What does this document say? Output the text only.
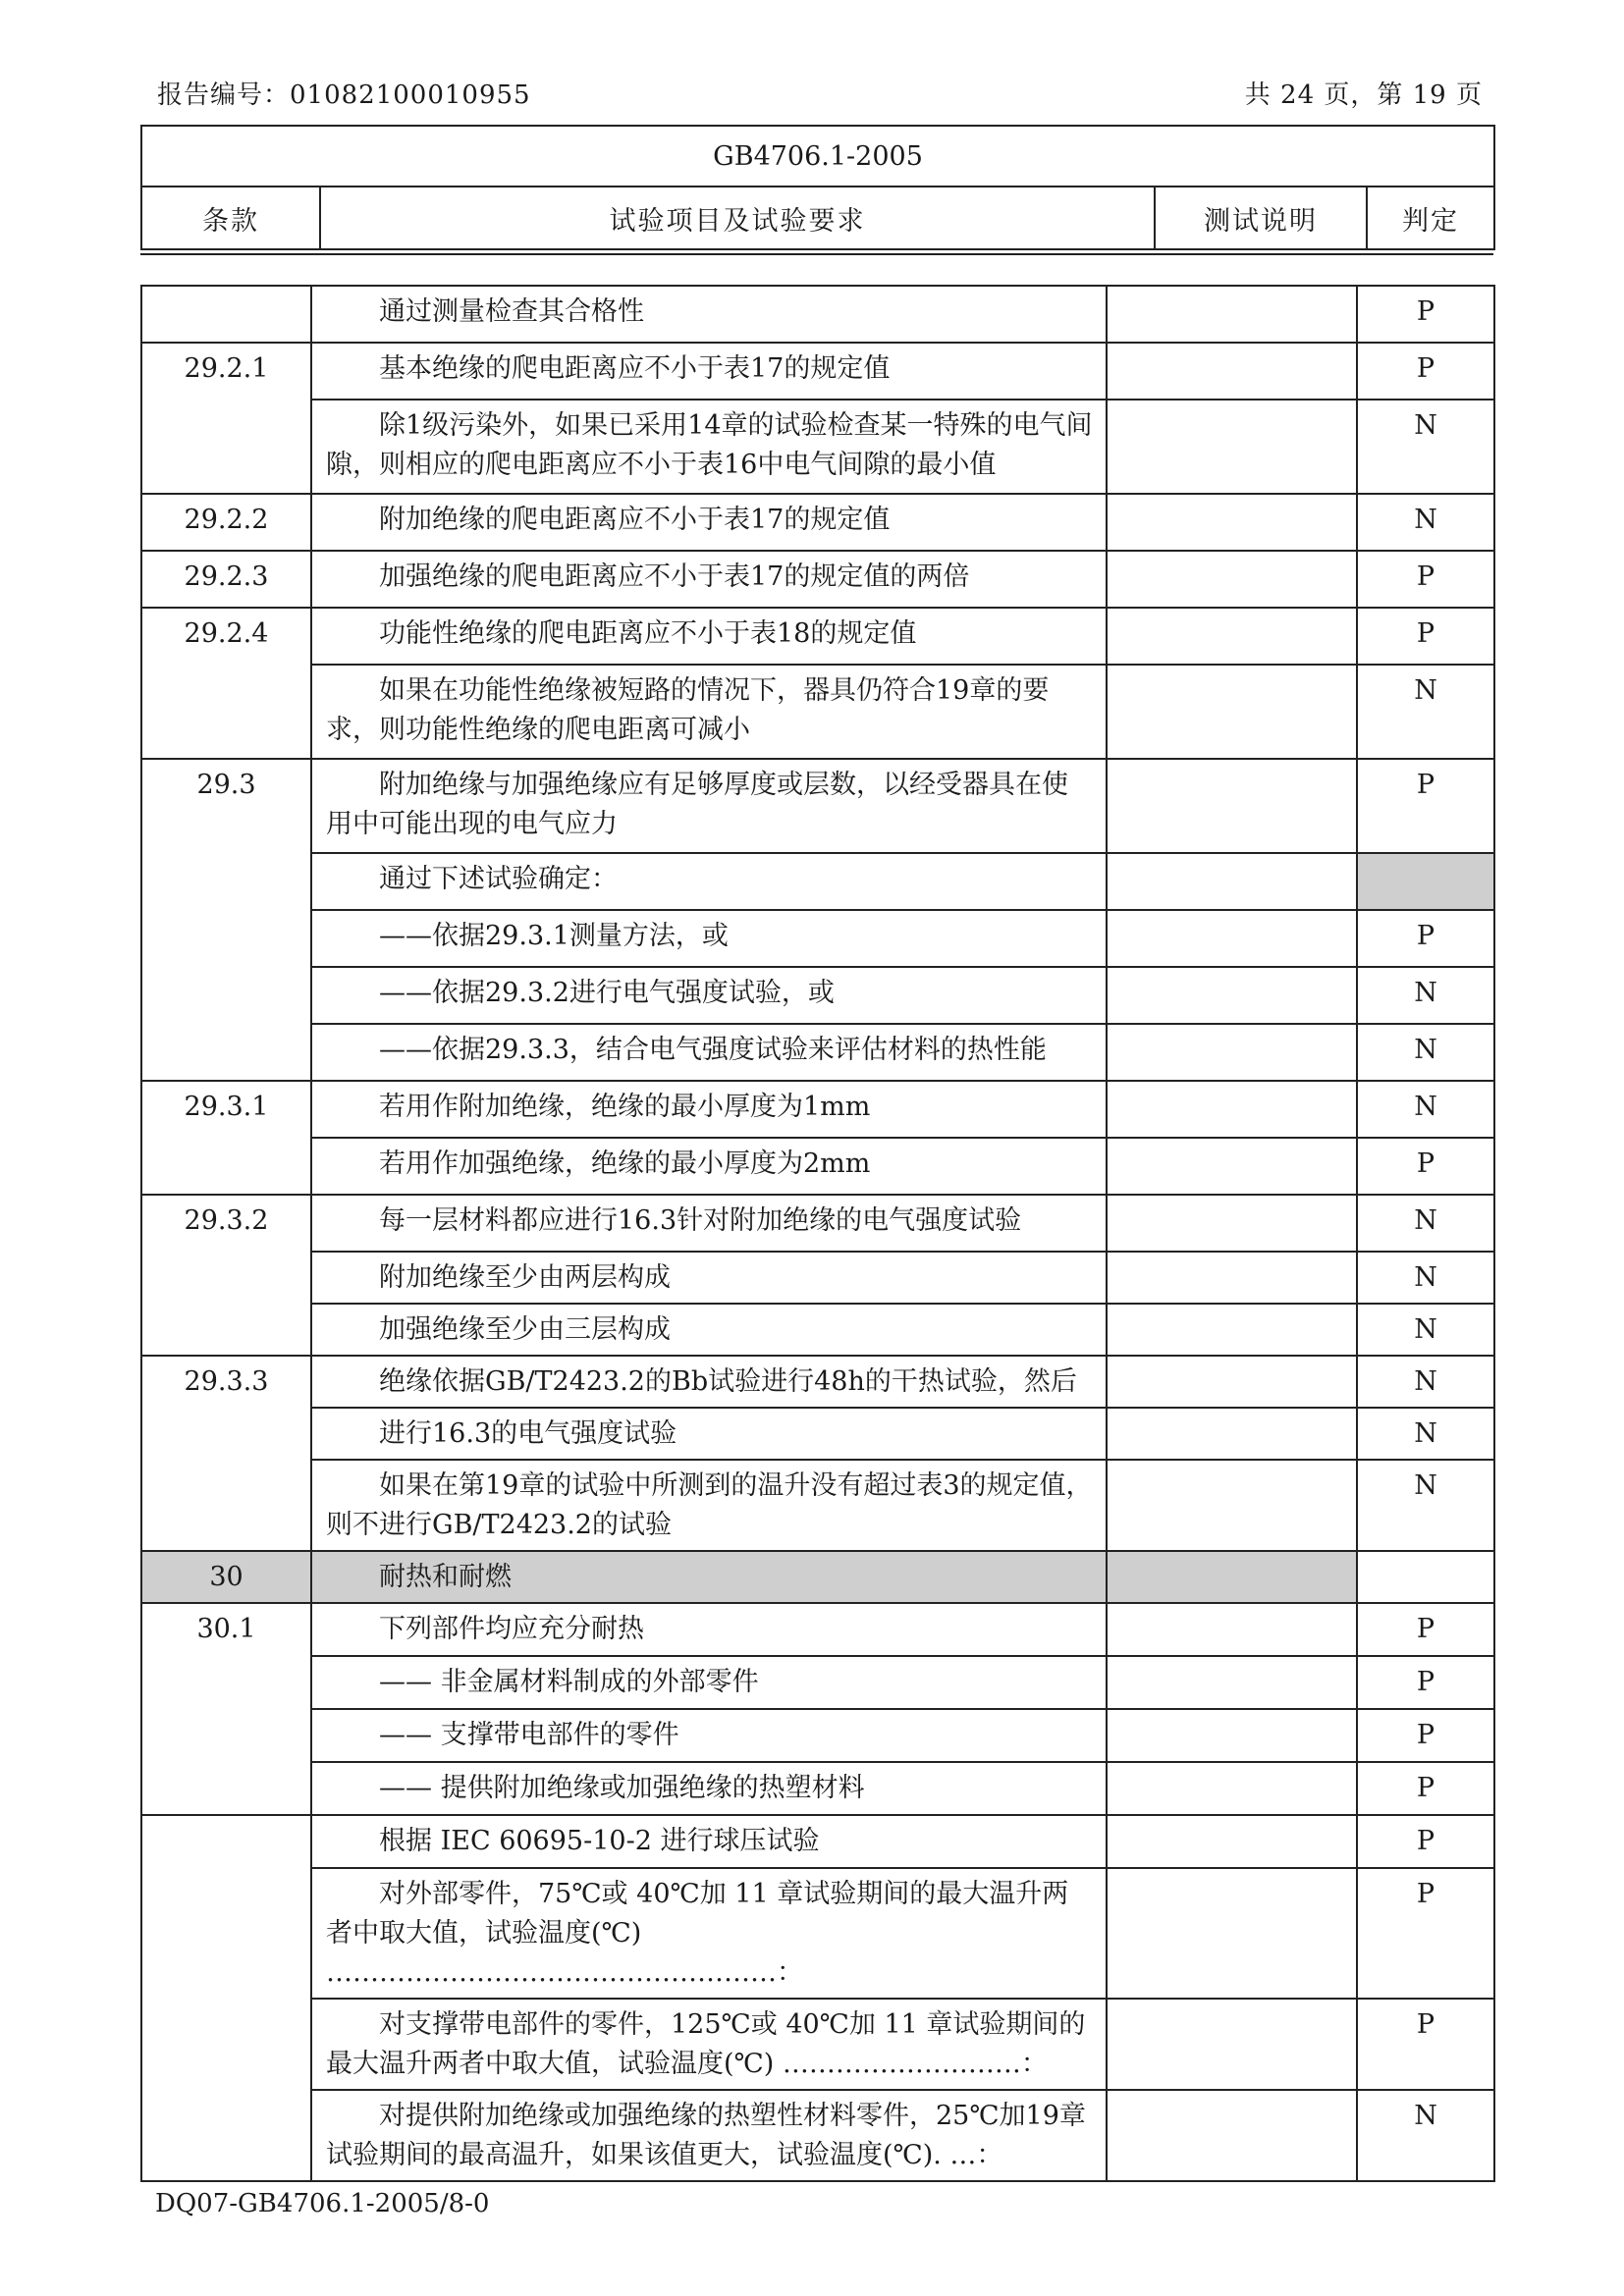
报告编号：01082100010955	共 24 页，第 19 页
GB4706.1-2005
条款	试验项目及试验要求	测试说明	判定

	通过测量检查其合格性		P
29.2.1	基本绝缘的爬电距离应不小于表17的规定值		P

	除1级污染外，如果已采用14章的试验检查某一特殊的电气间隙，则相应的爬电距离应不小于表16中电气间隙的最小值		N
29.2.2	附加绝缘的爬电距离应不小于表17的规定值		N
29.2.3	加强绝缘的爬电距离应不小于表17的规定值的两倍		P
29.2.4	功能性绝缘的爬电距离应不小于表18的规定值		P

	如果在功能性绝缘被短路的情况下，器具仍符合19章的要求，则功能性绝缘的爬电距离可减小		N
29.3	附加绝缘与加强绝缘应有足够厚度或层数，以经受器具在使用中可能出现的电气应力		P

	通过下述试验确定：		

	——依据29.3.1测量方法，或		P

	——依据29.3.2进行电气强度试验，或		N

	——依据29.3.3，结合电气强度试验来评估材料的热性能		N
29.3.1	若用作附加绝缘，绝缘的最小厚度为1mm		N

	若用作加强绝缘，绝缘的最小厚度为2mm		P
29.3.2	每一层材料都应进行16.3针对附加绝缘的电气强度试验		N

	附加绝缘至少由两层构成		N

	加强绝缘至少由三层构成		N
29.3.3	绝缘依据GB/T2423.2的Bb试验进行48h的干热试验，然后		N

	进行16.3的电气强度试验		N

	如果在第19章的试验中所测到的温升没有超过表3的规定值，则不进行GB/T2423.2的试验		N
30	耐热和耐燃		

30.1	下列部件均应充分耐热		P

	—— 非金属材料制成的外部零件		P

	—— 支撑带电部件的零件		P

	—— 提供附加绝缘或加强绝缘的热塑材料		P

	根据 IEC 60695-10-2 进行球压试验		P

	对外部零件，75℃或 40℃加 11 章试验期间的最大温升两者中取大值，试验温度(℃) ……………………………………………：		P

	对支撑带电部件的零件，125℃或 40℃加 11 章试验期间的最大温升两者中取大值，试验温度(℃) ………………………：		P

	对提供附加绝缘或加强绝缘的热塑性材料零件，25℃加19章试验期间的最高温升，如果该值更大，试验温度(℃). …：		N
DQ07-GB4706.1-2005/8-0
